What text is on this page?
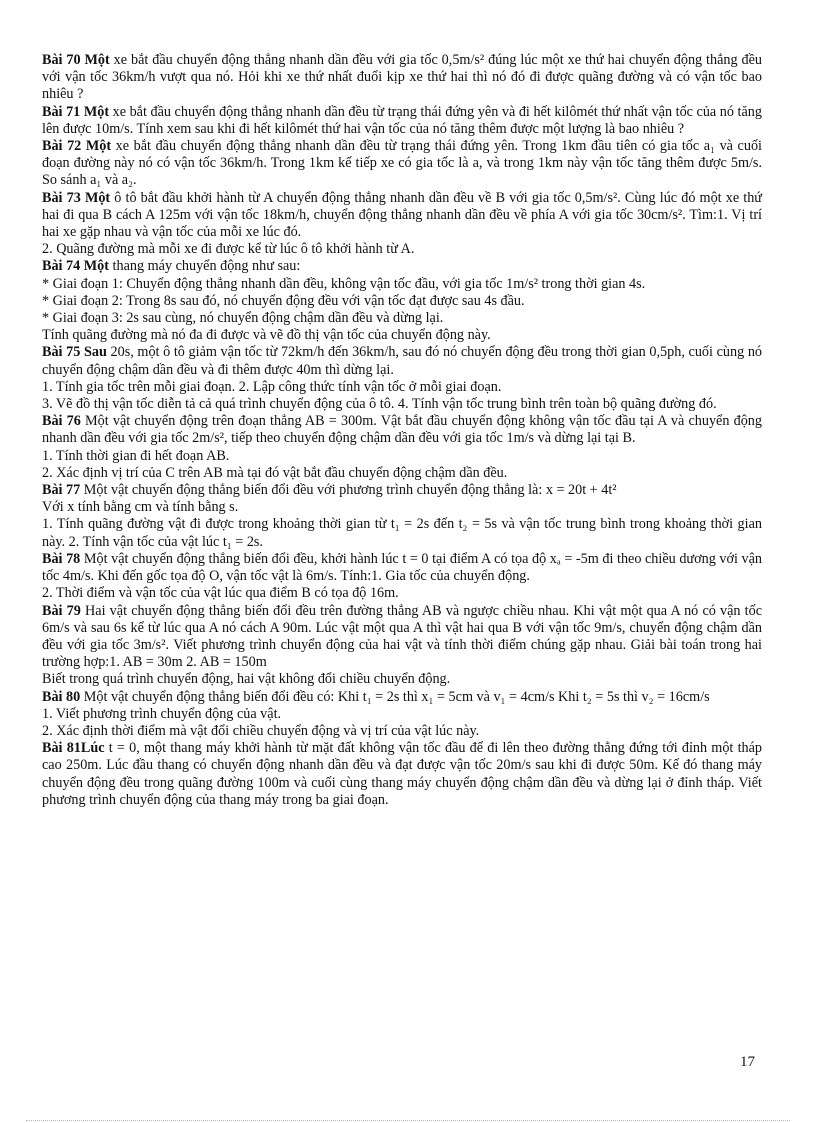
Bài 70 Một xe bắt đầu chuyển động thẳng nhanh dần đều với gia tốc 0,5m/s² đúng lúc một xe thứ hai chuyển động thẳng đều với vận tốc 36km/h vượt qua nó. Hỏi khi xe thứ nhất đuổi kịp xe thứ hai thì nó đó đi được quãng đường và có vận tốc bao nhiêu ?

Bài 71 Một xe bắt đầu chuyển động thẳng nhanh dần đều từ trạng thái đứng yên và đi hết kilômét thứ nhất vận tốc của nó tăng lên được 10m/s. Tính xem sau khi đi hết kilômét thứ hai vận tốc của nó tăng thêm được một lượng là bao nhiêu ?

Bài 72 Một xe bắt đầu chuyển động thẳng nhanh dần đều từ trạng thái đứng yên. Trong 1km đầu tiên có gia tốc a₁ và cuối đoạn đường này nó có vận tốc 36km/h. Trong 1km kế tiếp xe có gia tốc là a, và trong 1km này vận tốc tăng thêm được 5m/s. So sánh a₁ và a₂.

Bài 73 Một ô tô bắt đầu khởi hành từ A chuyển động thẳng nhanh dần đều về B với gia tốc 0,5m/s². Cùng lúc đó một xe thứ hai đi qua B cách A 125m với vận tốc 18km/h, chuyển động thẳng nhanh dần đều về phía A với gia tốc 30cm/s². Tìm:1. Vị trí hai xe gặp nhau và vận tốc của mỗi xe lúc đó.

2. Quãng đường mà mỗi xe đi được kể từ lúc ô tô khởi hành từ A.

Bài 74 Một thang máy chuyển động như sau:

* Giai đoạn 1: Chuyển động thẳng nhanh dần đều, không vận tốc đầu, với gia tốc 1m/s² trong thời gian 4s.

* Giai đoạn 2: Trong 8s sau đó, nó chuyển động đều với vận tốc đạt được sau 4s đầu.

* Giai đoạn 3: 2s sau cùng, nó chuyển động chậm dần đều và dừng lại.

Tính quãng đường mà nó đa đi được và vẽ đồ thị vận tốc của chuyển động này.

Bài 75 Sau 20s, một ô tô giảm vận tốc từ 72km/h đến 36km/h, sau đó nó chuyển động đều trong thời gian 0,5ph, cuối cùng nó chuyển động chậm dần đều và đi thêm được 40m thì dừng lại.

1. Tính gia tốc trên mỗi giai đoạn. 2. Lập công thức tính vận tốc ở mỗi giai đoạn.

3. Vẽ đồ thị vận tốc diễn tả cả quá trình chuyển động của ô tô. 4. Tính vận tốc trung bình trên toàn bộ quãng đường đó.

Bài 76 Một vật chuyển động trên đoạn thẳng AB = 300m. Vật bắt đầu chuyển động không vận tốc đầu tại A và chuyển động nhanh dần đều với gia tốc 2m/s², tiếp theo chuyển động chậm dần đều với gia tốc 1m/s và dừng lại tại B.

1. Tính thời gian đi hết đoạn AB.

2. Xác định vị trí của C trên AB mà tại đó vật bắt đầu chuyển động chậm dần đều.

Bài 77 Một vật chuyển động thẳng biến đổi đều với phương trình chuyển động thẳng là: x = 20t + 4t²

Với x tính bằng cm và tính bằng s.

1. Tính quãng đường vật đi được trong khoảng thời gian từ t₁ = 2s đến t₂ = 5s và vận tốc trung bình trong khoảng thời gian này. 2. Tính vận tốc của vật lúc t₁ = 2s.

Bài 78 Một vật chuyển động thẳng biến đổi đều, khởi hành lúc t = 0 tại điểm A có tọa độ xₐ = -5m đi theo chiều dương với vận tốc 4m/s. Khi đến gốc tọa độ O, vận tốc vật là 6m/s. Tính:1. Gia tốc của chuyển động.

2. Thời điểm và vận tốc của vật lúc qua điểm B có tọa độ 16m.

Bài 79 Hai vật chuyển động thẳng biến đổi đều trên đường thẳng AB và ngược chiều nhau. Khi vật một qua A nó có vận tốc 6m/s và sau 6s kể từ lúc qua A nó cách A 90m. Lúc vật một qua A thì vật hai qua B với vận tốc 9m/s, chuyển động chậm dần đều với gia tốc 3m/s². Viết phương trình chuyển động của hai vật và tính thời điểm chúng gặp nhau. Giải bài toán trong hai trường hợp:1. AB = 30m 2. AB = 150m

Biết trong quá trình chuyển động, hai vật không đổi chiều chuyển động.

Bài 80 Một vật chuyển động thẳng biến đổi đều có: Khi t₁ = 2s thì x₁ = 5cm và v₁ = 4cm/s Khi t₂ = 5s thì v₂ = 16cm/s

1. Viết phương trình chuyển động của vật.

2. Xác định thời điểm mà vật đổi chiều chuyển động và vị trí của vật lúc này.

Bài 81Lúc t = 0, một thang máy khởi hành từ mặt đất không vận tốc đầu để đi lên theo đường thẳng đứng tới đỉnh một tháp cao 250m. Lúc đầu thang có chuyển động nhanh dần đều và đạt được vận tốc 20m/s sau khi đi được 50m. Kế đó thang máy chuyển động đều trong quãng đường 100m và cuối cùng thang máy chuyển động chậm dần đều và dừng lại ở đỉnh tháp. Viết phương trình chuyển động của thang máy trong ba giai đoạn.

17
